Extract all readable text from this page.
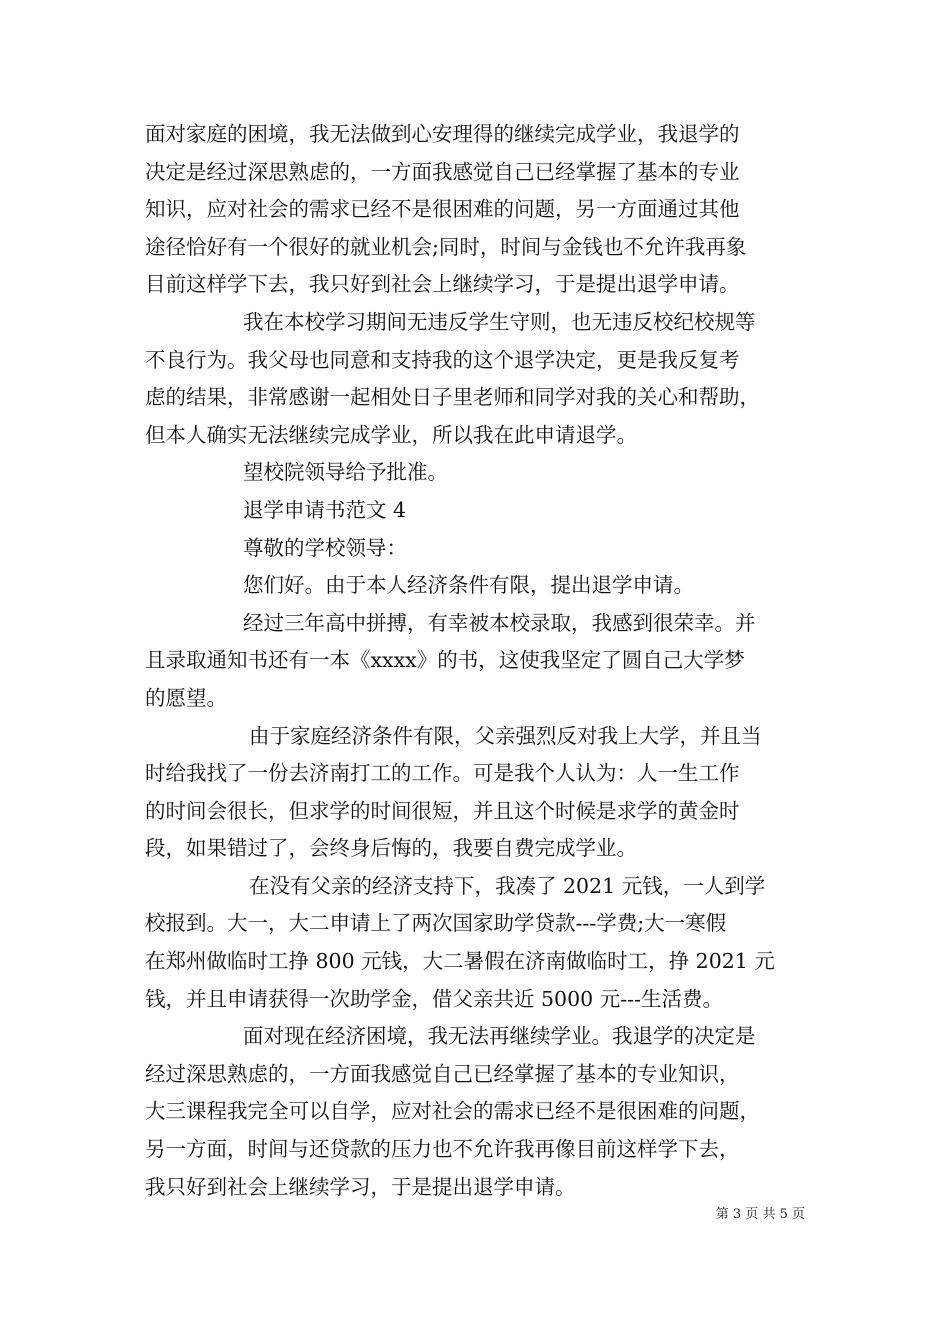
面对家庭的困境，我无法做到心安理得的继续完成学业，我退学的
决定是经过深思熟虑的，一方面我感觉自己已经掌握了基本的专业
知识，应对社会的需求已经不是很困难的问题，另一方面通过其他
途径恰好有一个很好的就业机会;同时，时间与金钱也不允许我再象
目前这样学下去，我只好到社会上继续学习，于是提出退学申请。
我在本校学习期间无违反学生守则，也无违反校纪校规等
不良行为。我父母也同意和支持我的这个退学决定，更是我反复考
虑的结果，非常感谢一起相处日子里老师和同学对我的关心和帮助，
但本人确实无法继续完成学业，所以我在此申请退学。
望校院领导给予批准。
退学申请书范文 4
尊敬的学校领导：
您们好。由于本人经济条件有限，提出退学申请。
经过三年高中拼搏，有幸被本校录取，我感到很荣幸。并
且录取通知书还有一本《xxxx》的书，这使我坚定了圆自己大学梦
的愿望。
由于家庭经济条件有限，父亲强烈反对我上大学，并且当
时给我找了一份去济南打工的工作。可是我个人认为：人一生工作
的时间会很长，但求学的时间很短，并且这个时候是求学的黄金时
段，如果错过了，会终身后悔的，我要自费完成学业。
在没有父亲的经济支持下，我凑了 2021 元钱，一人到学
校报到。大一，大二申请上了两次国家助学贷款---学费;大一寒假
在郑州做临时工挣 800 元钱，大二暑假在济南做临时工，挣 2021 元
钱，并且申请获得一次助学金，借父亲共近 5000 元---生活费。
面对现在经济困境，我无法再继续学业。我退学的决定是
经过深思熟虑的，一方面我感觉自己已经掌握了基本的专业知识，
大三课程我完全可以自学，应对社会的需求已经不是很困难的问题，
另一方面，时间与还贷款的压力也不允许我再像目前这样学下去，
我只好到社会上继续学习，于是提出退学申请。
第 3 页 共 5 页
